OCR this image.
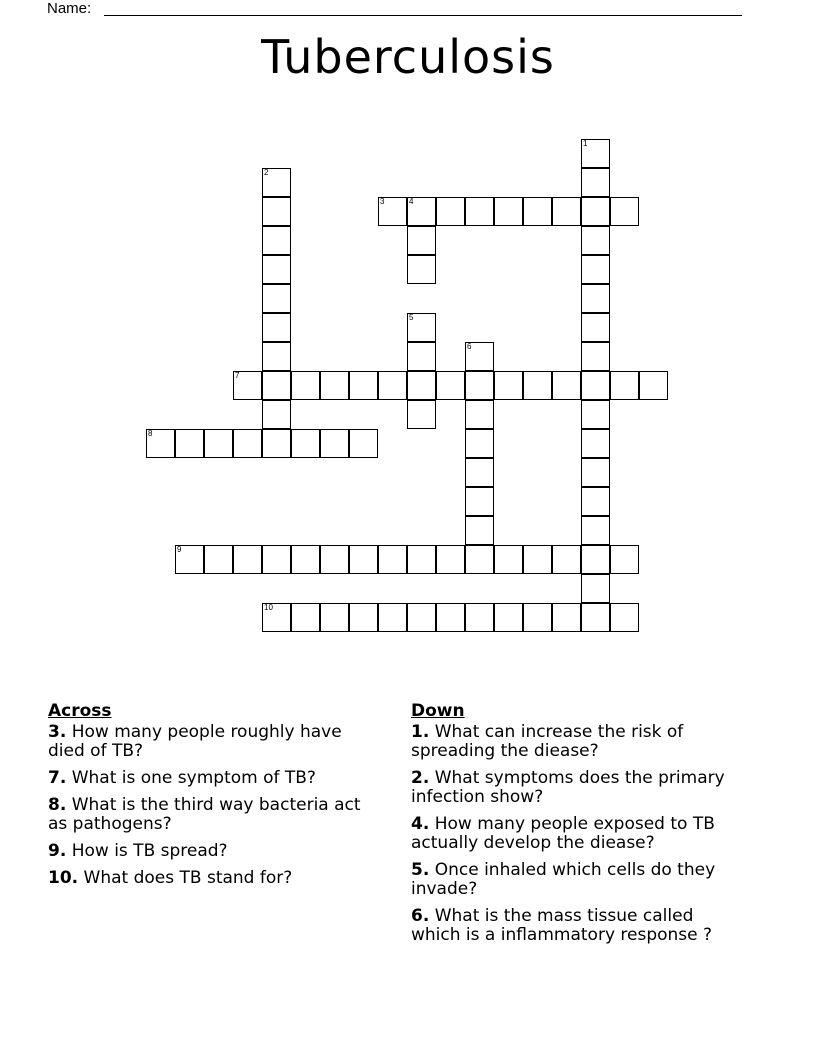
Name:
Tuberculosis
1
2
3	4
5
6
7
8
9
10
Across
3. How many people roughly have died of TB?
7. What is one symptom of TB?
8. What is the third way bacteria act as pathogens?
9. How is TB spread?
10. What does TB stand for?
Down
1. What can increase the risk of spreading the diease?
2. What symptoms does the primary infection show?
4. How many people exposed to TB actually develop the diease?
5. Once inhaled which cells do they invade?
6. What is the mass tissue called which is a inflammatory response ?
